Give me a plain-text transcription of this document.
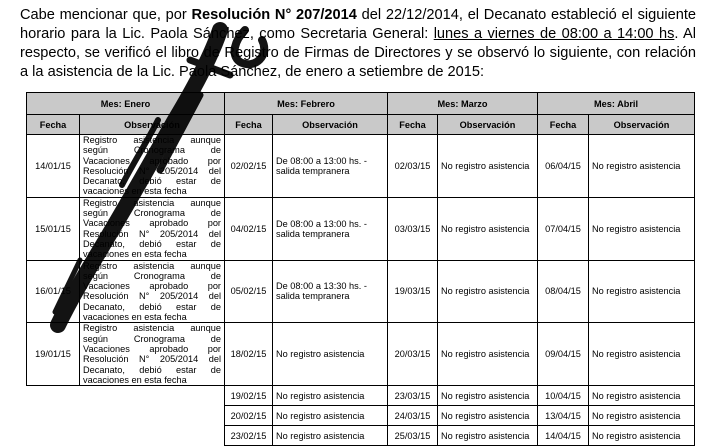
Cabe mencionar que, por Resolución N° 207/2014 del 22/12/2014, el Decanato estableció el siguiente horario para la Lic. Paola Sánchez, como Secretaria General: lunes a viernes de 08:00 a 14:00 hs. Al respecto, se verificó el libro de Registro de Firmas de Directores y se observó lo siguiente, con relación a la asistencia de la Lic. Paola Sánchez, de enero a setiembre de 2015:
Mes: Enero		Mes: Febrero		Mes: Marzo		Mes: Abril	
Fecha	Observación	Fecha	Observación	Fecha	Observación	Fecha	Observación
14/01/15	Registro asistencia aunque según Cronograma de Vacaciones aprobado por Resolución N° 205/2014 del Decanato, debió estar de vacaciones en esta fecha	02/02/15	De 08:00 a 13:00 hs. - salida tempranera	02/03/15	No registro asistencia	06/04/15	No registro asistencia
15/01/15	Registro asistencia aunque según Cronograma de Vacaciones aprobado por Resolución N° 205/2014 del Decanato, debió estar de vacaciones en esta fecha	04/02/15	De 08:00 a 13:00 hs. - salida tempranera	03/03/15	No registro asistencia	07/04/15	No registro asistencia
16/01/15	Registro asistencia aunque según Cronograma de Vacaciones aprobado por Resolución N° 205/2014 del Decanato, debió estar de vacaciones en esta fecha	05/02/15	De 08:00 a 13:30 hs. - salida tempranera	19/03/15	No registro asistencia	08/04/15	No registro asistencia
19/01/15	Registro asistencia aunque según Cronograma de Vacaciones aprobado por Resolución N° 205/2014 del Decanato, debió estar de vacaciones en esta fecha	18/02/15	No registro asistencia	20/03/15	No registro asistencia	09/04/15	No registro asistencia
		19/02/15	No registro asistencia	23/03/15	No registro asistencia	10/04/15	No registro asistencia
		20/02/15	No registro asistencia	24/03/15	No registro asistencia	13/04/15	No registro asistencia
		23/02/15	No registro asistencia	25/03/15	No registro asistencia	14/04/15	No registro asistencia
